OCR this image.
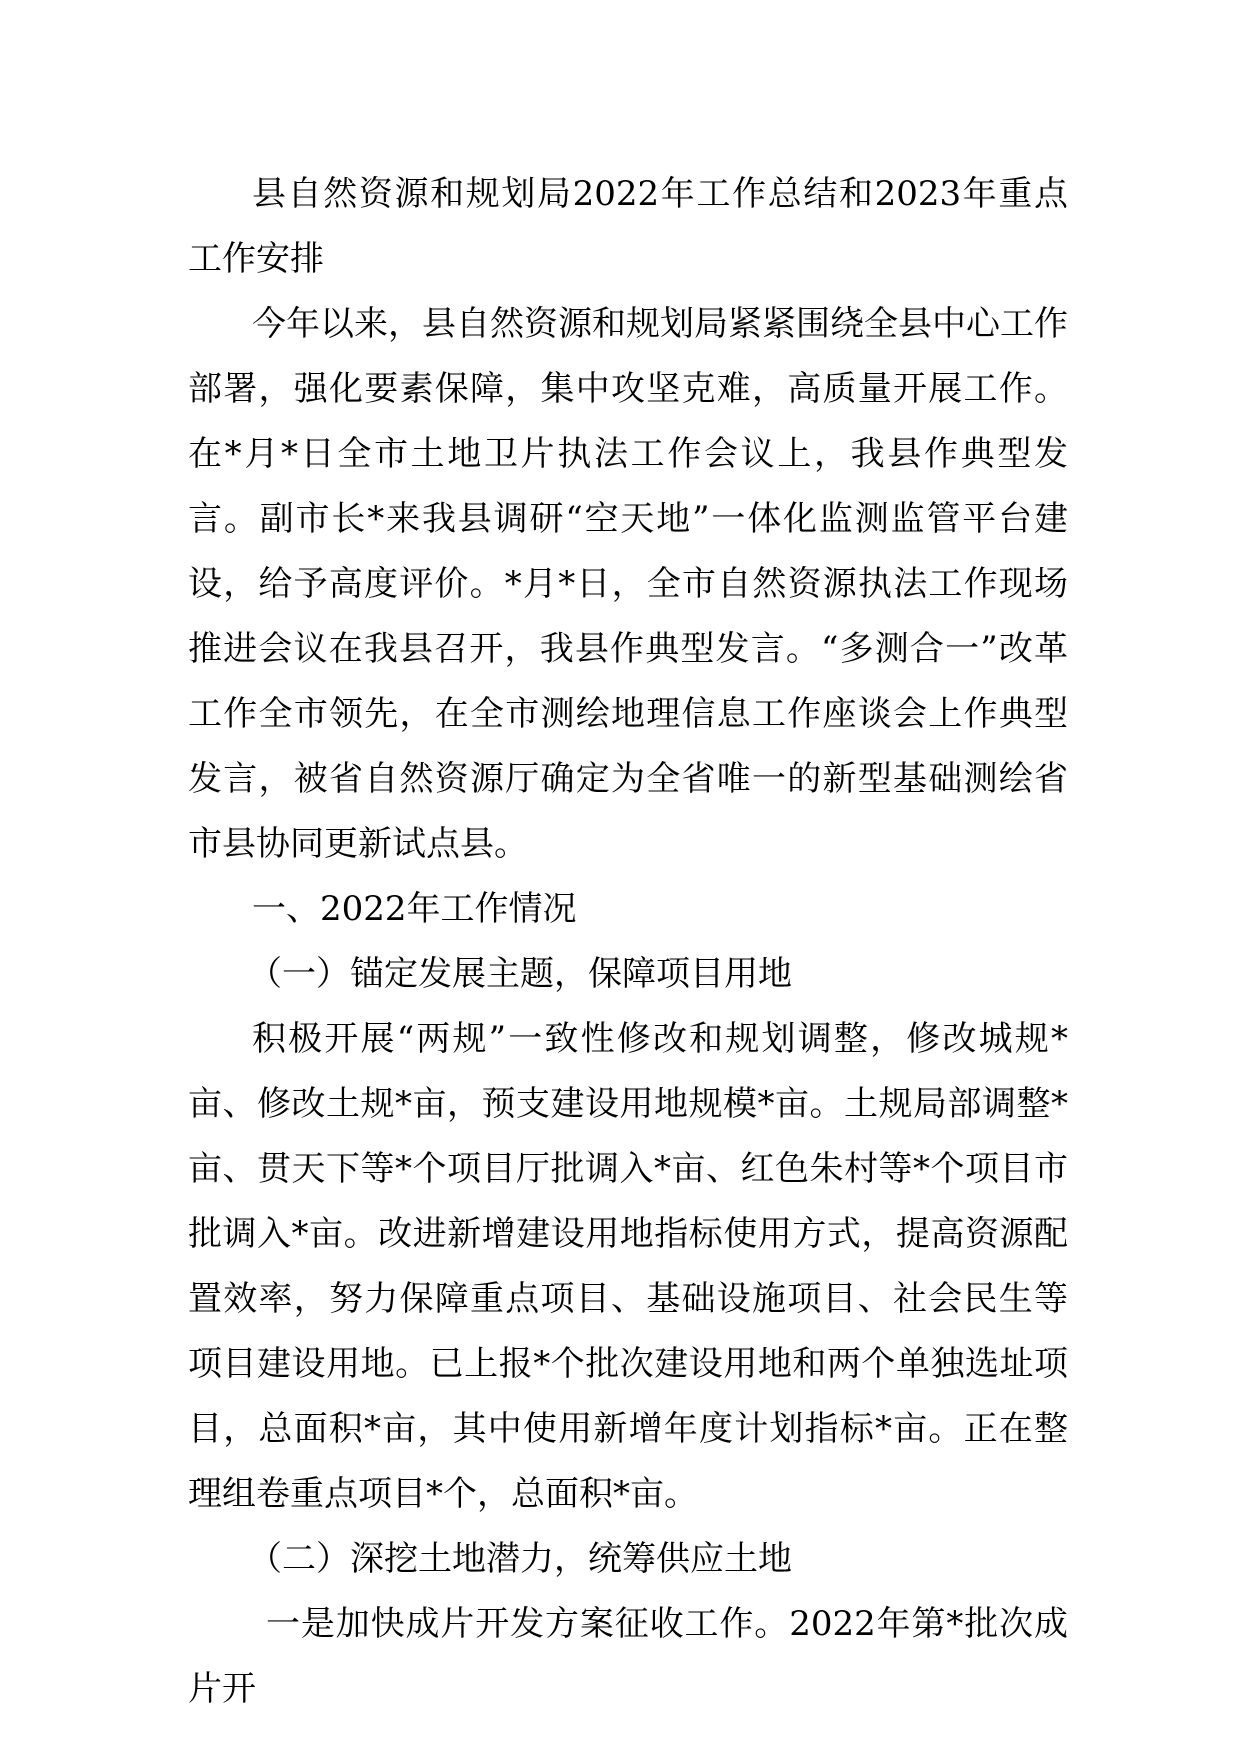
县自然资源和规划局2022年工作总结和2023年重点工作安排

今年以来，县自然资源和规划局紧紧围绕全县中心工作部署，强化要素保障，集中攻坚克难，高质量开展工作。在*月*日全市土地卫片执法工作会议上，我县作典型发言。副市长*来我县调研“空天地”一体化监测监管平台建设，给予高度评价。*月*日，全市自然资源执法工作现场推进会议在我县召开，我县作典型发言。“多测合一”改革工作全市领先，在全市测绘地理信息工作座谈会上作典型发言，被省自然资源厅确定为全省唯一的新型基础测绘省市县协同更新试点县。

一、2022年工作情况

（一）锚定发展主题，保障项目用地

积极开展“两规”一致性修改和规划调整，修改城规*亩、修改土规*亩，预支建设用地规模*亩。土规局部调整*亩、贯天下等*个项目厅批调入*亩、红色朱村等*个项目市批调入*亩。改进新增建设用地指标使用方式，提高资源配置效率，努力保障重点项目、基础设施项目、社会民生等项目建设用地。已上报*个批次建设用地和两个单独选址项目，总面积*亩，其中使用新增年度计划指标*亩。正在整理组卷重点项目*个，总面积*亩。

（二）深挖土地潜力，统筹供应土地

一是加快成片开发方案征收工作。2022年第*批次成片开
